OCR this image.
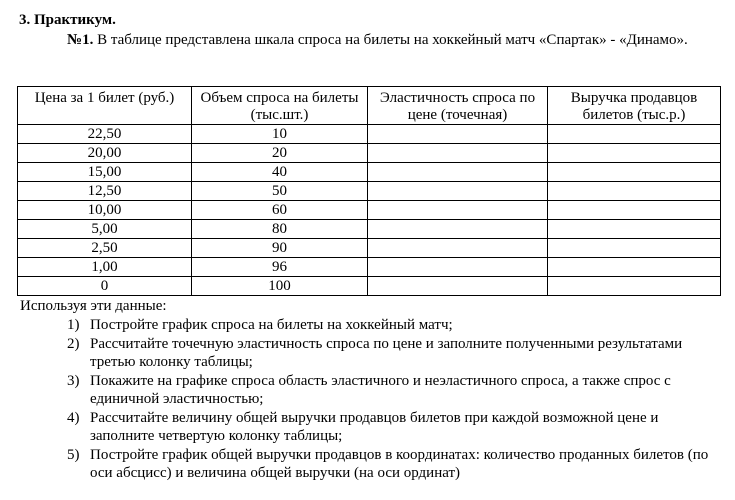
3. Практикум.
№1. В таблице представлена шкала спроса на билеты на хоккейный матч «Спартак» - «Динамо».
Цена за 1 билет (руб.)	Объем спроса на билеты (тыс.шт.)	Эластичность спроса по цене (точечная)	Выручка продавцов билетов (тыс.р.)
22,50	10		
20,00	20		
15,00	40		
12,50	50		
10,00	60		
5,00	80		
2,50	90		
1,00	96		
0	100		
Используя эти данные:
1) Постройте график спроса на билеты на хоккейный матч;
2) Рассчитайте точечную эластичность спроса по цене и заполните полученными результатами третью колонку таблицы;
3) Покажите на графике спроса область эластичного и неэластичного спроса, а также спрос с единичной эластичностью;
4) Рассчитайте величину общей выручки продавцов билетов при каждой возможной цене и заполните четвертую колонку таблицы;
5) Постройте график общей выручки продавцов в координатах: количество проданных билетов (по оси абсцисс) и величина общей выручки (на оси ординат)
